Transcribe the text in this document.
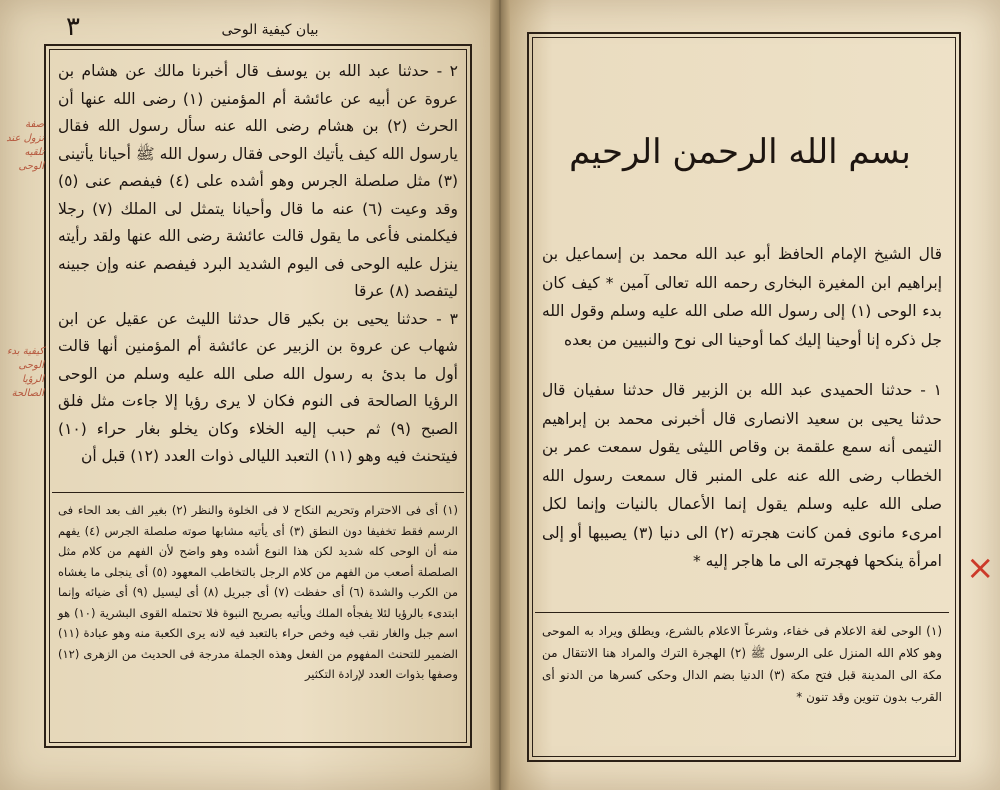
٣	بيان كيفية الوحى

٢ - حدثنا عبد الله بن يوسف قال أخبرنا مالك عن هشام بن عروة عن أبيه عن عائشة أم المؤمنين (١) رضى الله عنها أن الحرث (٢) بن هشام رضى الله عنه سأل رسول الله فقال يارسول الله كيف يأتيك الوحى فقال رسول الله ﷺ أحيانا يأتينى (٣) مثل صلصلة الجرس وهو أشده على (٤) فيفصم عنى (٥) وقد وعيت (٦) عنه ما قال وأحيانا يتمثل لى الملك (٧) رجلا فيكلمنى فأعى ما يقول قالت عائشة رضى الله عنها ولقد رأيته ينزل عليه الوحى فى اليوم الشديد البرد فيفصم عنه وإن جبينه ليتفصد (٨) عرقا

٣ - حدثنا يحيى بن بكير قال حدثنا الليث عن عقيل عن ابن شهاب عن عروة بن الزبير عن عائشة أم المؤمنين أنها قالت أول ما بدئ به رسول الله صلى الله عليه وسلم من الوحى الرؤيا الصالحة فى النوم فكان لا يرى رؤيا إلا جاءت مثل فلق الصبح (٩) ثم حبب إليه الخلاء وكان يخلو بغار حراء (١٠) فيتحنث فيه وهو (١١) التعبد الليالى ذوات العدد (١٢) قبل أن

(١) أى فى الاحترام وتحريم النكاح لا فى الخلوة والنظر (٢) بغير الف بعد الحاء فى الرسم فقط تخفيفا دون النطق (٣) أى يأتيه مشابها صوته صلصلة الجرس (٤) يفهم منه أن الوحى كله شديد لكن هذا النوع أشده وهو واضح لأن الفهم من كلام مثل الصلصلة أصعب من الفهم من كلام الرجل بالتخاطب المعهود (٥) أى ينجلى ما يغشاه من الكرب والشدة (٦) أى حفظت (٧) أى جبريل (٨) أى ليسيل (٩) أى ضيائه وإنما ابتدىء بالرؤيا لئلا يفجأه الملك ويأتيه بصريح النبوة فلا تحتمله القوى البشرية (١٠) هو اسم جبل والغار نقب فيه وخص حراء بالتعبد فيه لانه يرى الكعبة منه وهو عبادة (١١) الضمير للتحنث المفهوم من الفعل وهذه الجملة مدرجة فى الحديث من الزهرى (١٢) وصفها بذوات العدد لإرادة التكثير
صفة نزول عند تلقيه الوحى
كيفية بدء الوحى الرؤيا الصالحة
بسم الله الرحمن الرحيم

قال الشيخ الإمام الحافظ أبو عبد الله محمد بن إسماعيل بن إبراهيم ابن المغيرة البخارى رحمه الله تعالى آمين * كيف كان بدء الوحى (١) إلى رسول الله صلى الله عليه وسلم وقول الله جل ذكره إنا أوحينا إليك كما أوحينا الى نوح والنبيين من بعده

١ - حدثنا الحميدى عبد الله بن الزبير قال حدثنا سفيان قال حدثنا يحيى بن سعيد الانصارى قال أخبرنى محمد بن إبراهيم التيمى أنه سمع علقمة بن وقاص الليثى يقول سمعت عمر بن الخطاب رضى الله عنه على المنبر قال سمعت رسول الله صلى الله عليه وسلم يقول إنما الأعمال بالنيات وإنما لكل امرىء مانوى فمن كانت هجرته (٢) الى دنيا (٣) يصيبها أو إلى امرأة ينكحها فهجرته الى ما هاجر إليه *

(١) الوحى لغة الاعلام فى خفاء، وشرعاً الاعلام بالشرع، ويطلق ويراد به الموحى وهو كلام الله المنزل على الرسول ﷺ (٢) الهجرة الترك والمراد هنا الانتقال من مكة الى المدينة قبل فتح مكة (٣) الدنيا بضم الدال وحكى كسرها من الدنو أى القرب بدون تنوين وقد تنون *
×
